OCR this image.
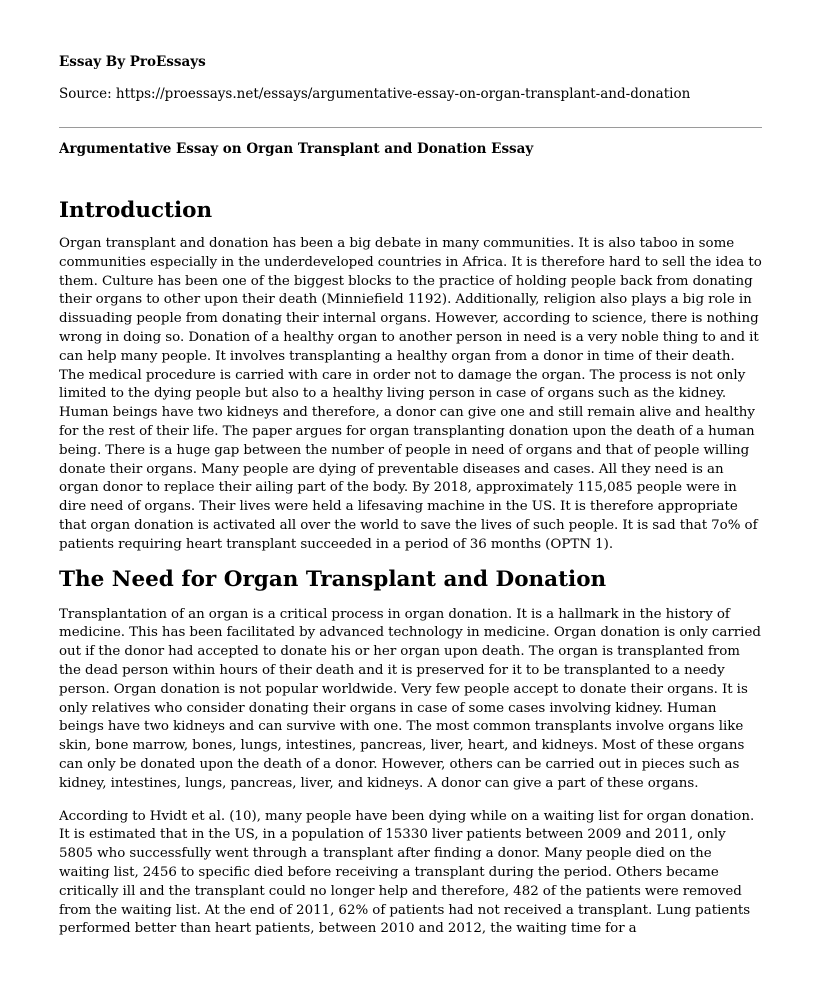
Essay By ProEssays
Source: https://proessays.net/essays/argumentative-essay-on-organ-transplant-and-donation
Argumentative Essay on Organ Transplant and Donation Essay
Introduction

Organ transplant and donation has been a big debate in many communities. It is also taboo in some communities especially in the underdeveloped countries in Africa. It is therefore hard to sell the idea to them. Culture has been one of the biggest blocks to the practice of holding people back from donating their organs to other upon their death (Minniefield 1192). Additionally, religion also plays a big role in dissuading people from donating their internal organs. However, according to science, there is nothing wrong in doing so. Donation of a healthy organ to another person in need is a very noble thing to and it can help many people. It involves transplanting a healthy organ from a donor in time of their death. The medical procedure is carried with care in order not to damage the organ. The process is not only limited to the dying people but also to a healthy living person in case of organs such as the kidney. Human beings have two kidneys and therefore, a donor can give one and still remain alive and healthy for the rest of their life. The paper argues for organ transplanting donation upon the death of a human being. There is a huge gap between the number of people in need of organs and that of people willing donate their organs. Many people are dying of preventable diseases and cases. All they need is an organ donor to replace their ailing part of the body. By 2018, approximately 115,085 people were in dire need of organs. Their lives were held a lifesaving machine in the US. It is therefore appropriate that organ donation is activated all over the world to save the lives of such people. It is sad that 7o% of patients requiring heart transplant succeeded in a period of 36 months (OPTN 1).

The Need for Organ Transplant and Donation

Transplantation of an organ is a critical process in organ donation. It is a hallmark in the history of medicine. This has been facilitated by advanced technology in medicine. Organ donation is only carried out if the donor had accepted to donate his or her organ upon death. The organ is transplanted from the dead person within hours of their death and it is preserved for it to be transplanted to a needy person. Organ donation is not popular worldwide. Very few people accept to donate their organs. It is only relatives who consider donating their organs in case of some cases involving kidney. Human beings have two kidneys and can survive with one. The most common transplants involve organs like skin, bone marrow, bones, lungs, intestines, pancreas, liver, heart, and kidneys. Most of these organs can only be donated upon the death of a donor. However, others can be carried out in pieces such as kidney, intestines, lungs, pancreas, liver, and kidneys. A donor can give a part of these organs.

According to Hvidt et al. (10), many people have been dying while on a waiting list for organ donation. It is estimated that in the US, in a population of 15330 liver patients between 2009 and 2011, only 5805 who successfully went through a transplant after finding a donor. Many people died on the waiting list, 2456 to specific died before receiving a transplant during the period. Others became critically ill and the transplant could no longer help and therefore, 482 of the patients were removed from the waiting list. At the end of 2011, 62% of patients had not received a transplant. Lung patients performed better than heart patients, between 2010 and 2012, the waiting time for a
